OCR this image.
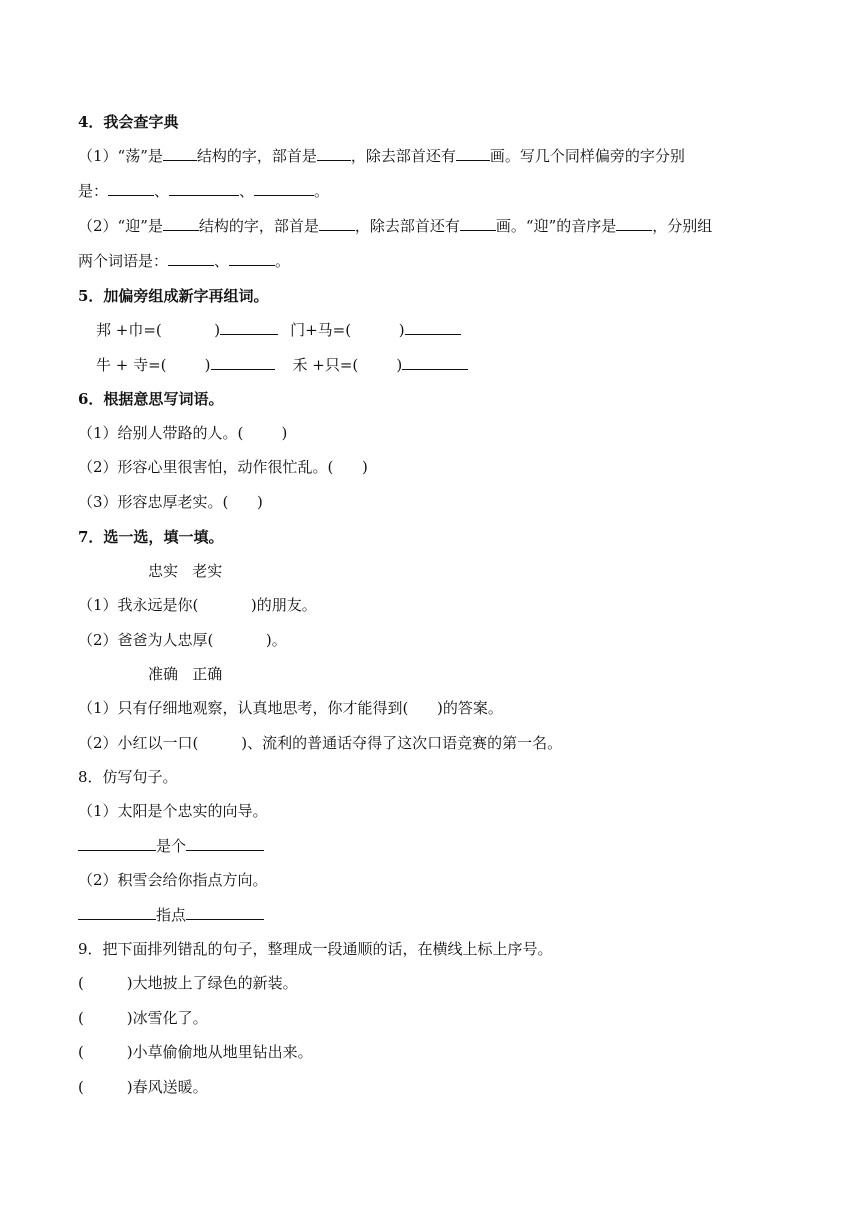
4．我会查字典
（1）“荡”是 结构的字，部首是 ，除去部首还有 画。写几个同样偏旁的字分别
是：	、	、	。
（2）“迎”是 结构的字，部首是 ，除去部首还有 画。“迎”的音序是 ，分别组
两个词语是：	、	。
5．加偏旁组成新字再组词。
邦 +巾=(           )	门+马=(          )
牛 + 寺=(        )	禾 +只=(        )
6．根据意思写词语。
（1）给别人带路的人。(        )
（2）形容心里很害怕，动作很忙乱。(      )
（3）形容忠厚老实。(      )
7．选一选，填一填。
忠实   老实
（1）我永远是你(           )的朋友。
（2）爸爸为人忠厚(           )。
准确   正确
（1）只有仔细地观察，认真地思考，你才能得到(      )的答案。
（2）小红以一口(         )、流利的普通话夺得了这次口语竞赛的第一名。
8．仿写句子。
（1）太阳是个忠实的向导。
是个
（2）积雪会给你指点方向。
指点
9．把下面排列错乱的句子，整理成一段通顺的话，在横线上标上序号。
(         )大地披上了绿色的新装。
(         )冰雪化了。
(         )小草偷偷地从地里钻出来。
(         )春风送暖。
